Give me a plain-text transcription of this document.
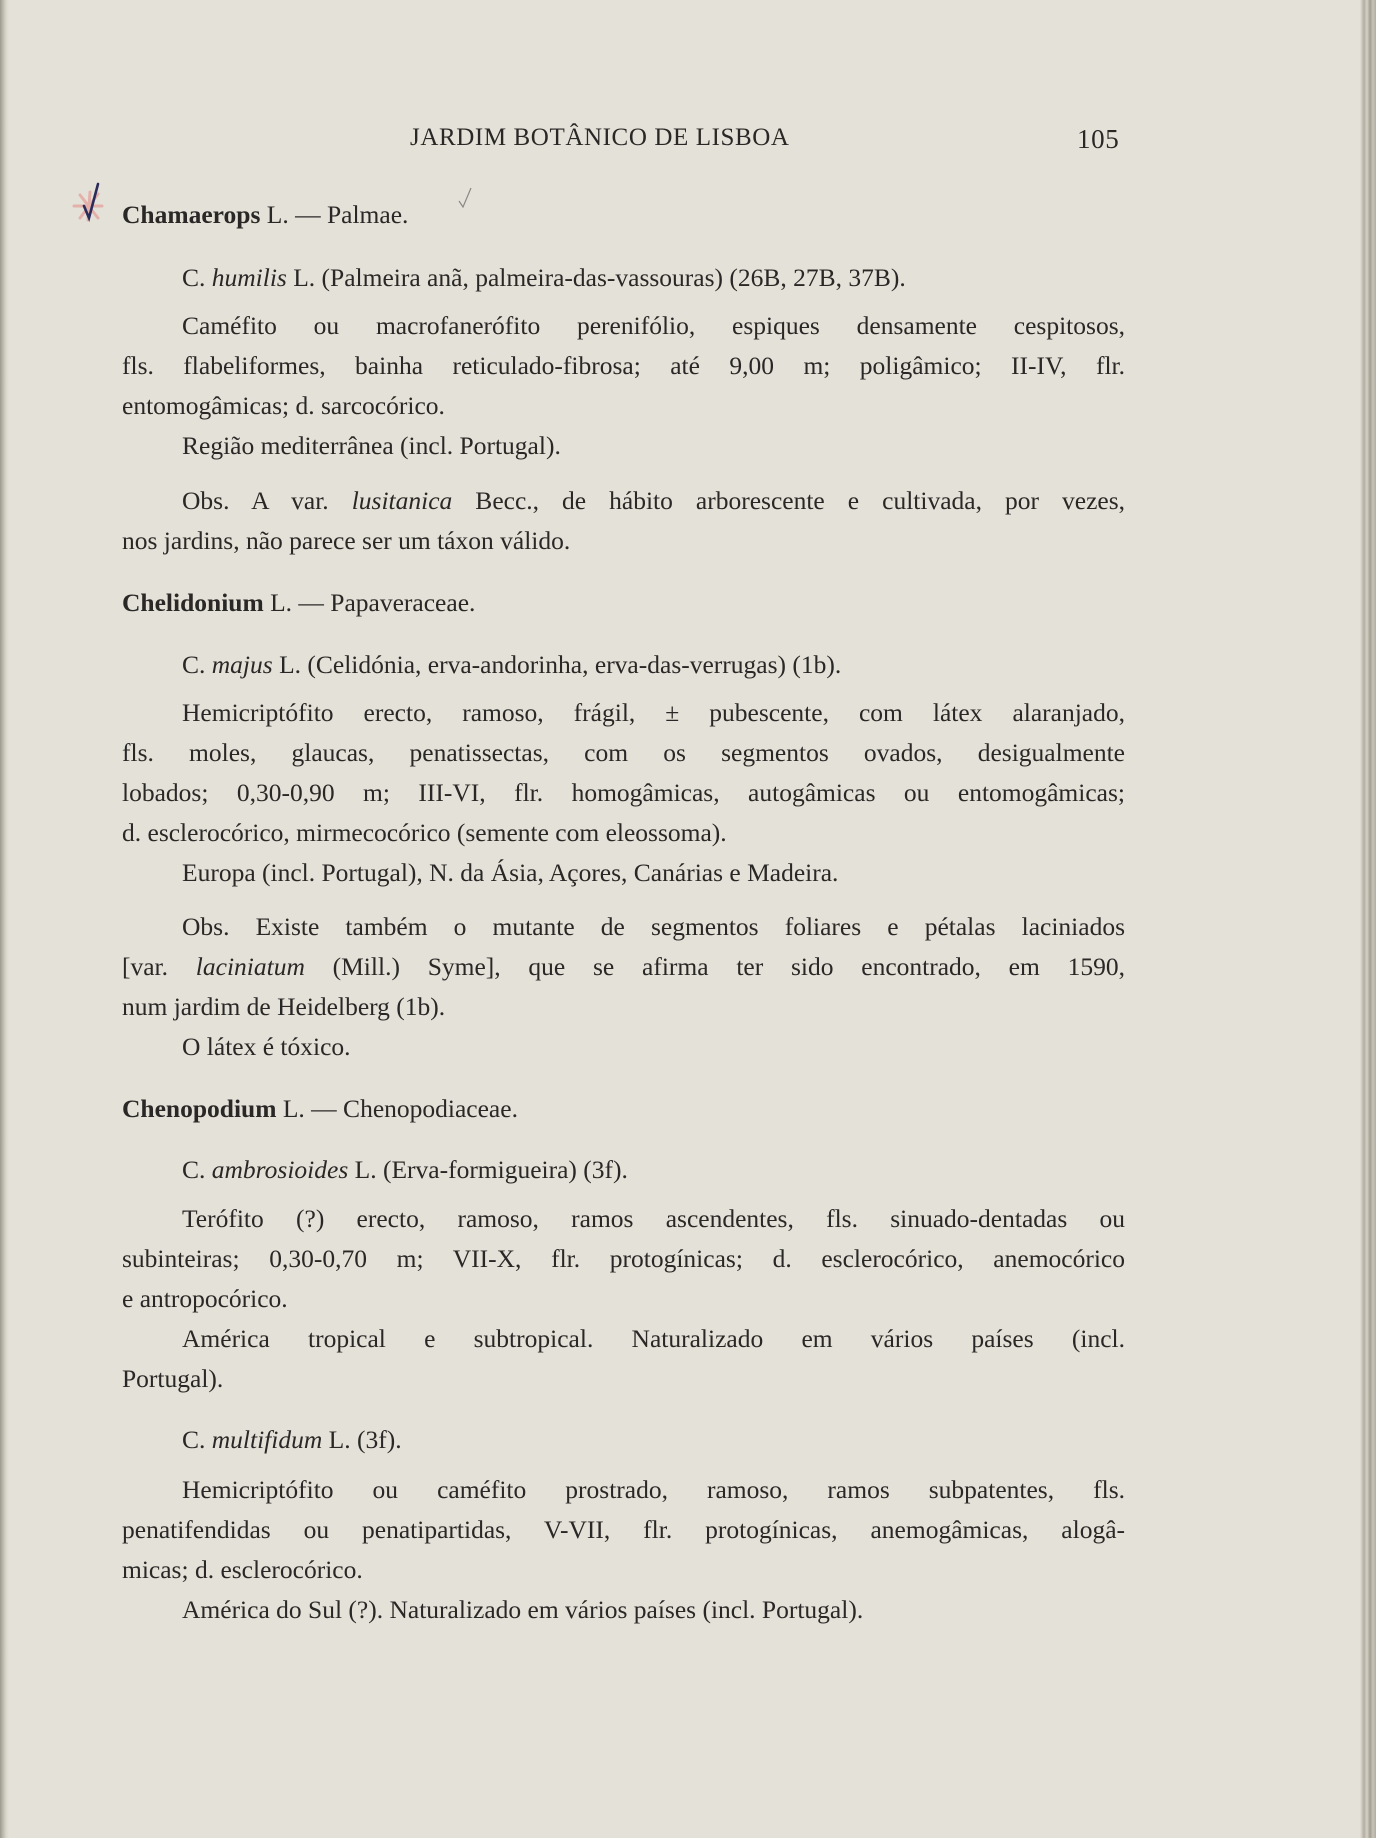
JARDIM BOTÂNICO DE LISBOA	105
Chamaerops L. — Palmae.
C. humilis L. (Palmeira anã, palmeira-das-vassouras) (26B, 27B, 37B).
Caméfito ou macrofanerófito perenifólio, espiques densamente cespitosos,
fls. flabeliformes, bainha reticulado-fibrosa; até 9,00 m; poligâmico; II-IV, flr.
entomogâmicas; d. sarcocórico.
Região mediterrânea (incl. Portugal).
Obs. A var. lusitanica Becc., de hábito arborescente e cultivada, por vezes,
nos jardins, não parece ser um táxon válido.
Chelidonium L. — Papaveraceae.
C. majus L. (Celidónia, erva-andorinha, erva-das-verrugas) (1b).
Hemicriptófito erecto, ramoso, frágil, ± pubescente, com látex alaranjado,
fls. moles, glaucas, penatissectas, com os segmentos ovados, desigualmente
lobados; 0,30-0,90 m; III-VI, flr. homogâmicas, autogâmicas ou entomogâmicas;
d. esclerocórico, mirmecocórico (semente com eleossoma).
Europa (incl. Portugal), N. da Ásia, Açores, Canárias e Madeira.
Obs. Existe também o mutante de segmentos foliares e pétalas laciniados
[var. laciniatum (Mill.) Syme], que se afirma ter sido encontrado, em 1590,
num jardim de Heidelberg (1b).
O látex é tóxico.
Chenopodium L. — Chenopodiaceae.
C. ambrosioides L. (Erva-formigueira) (3f).
Terófito (?) erecto, ramoso, ramos ascendentes, fls. sinuado-dentadas ou
subinteiras; 0,30-0,70 m; VII-X, flr. protogínicas; d. esclerocórico, anemocórico
e antropocórico.
América tropical e subtropical. Naturalizado em vários países (incl.
Portugal).
C. multifidum L. (3f).
Hemicriptófito ou caméfito prostrado, ramoso, ramos subpatentes, fls.
penatifendidas ou penatipartidas, V-VII, flr. protogínicas, anemogâmicas, alogâ-
micas; d. esclerocórico.
América do Sul (?). Naturalizado em vários países (incl. Portugal).
